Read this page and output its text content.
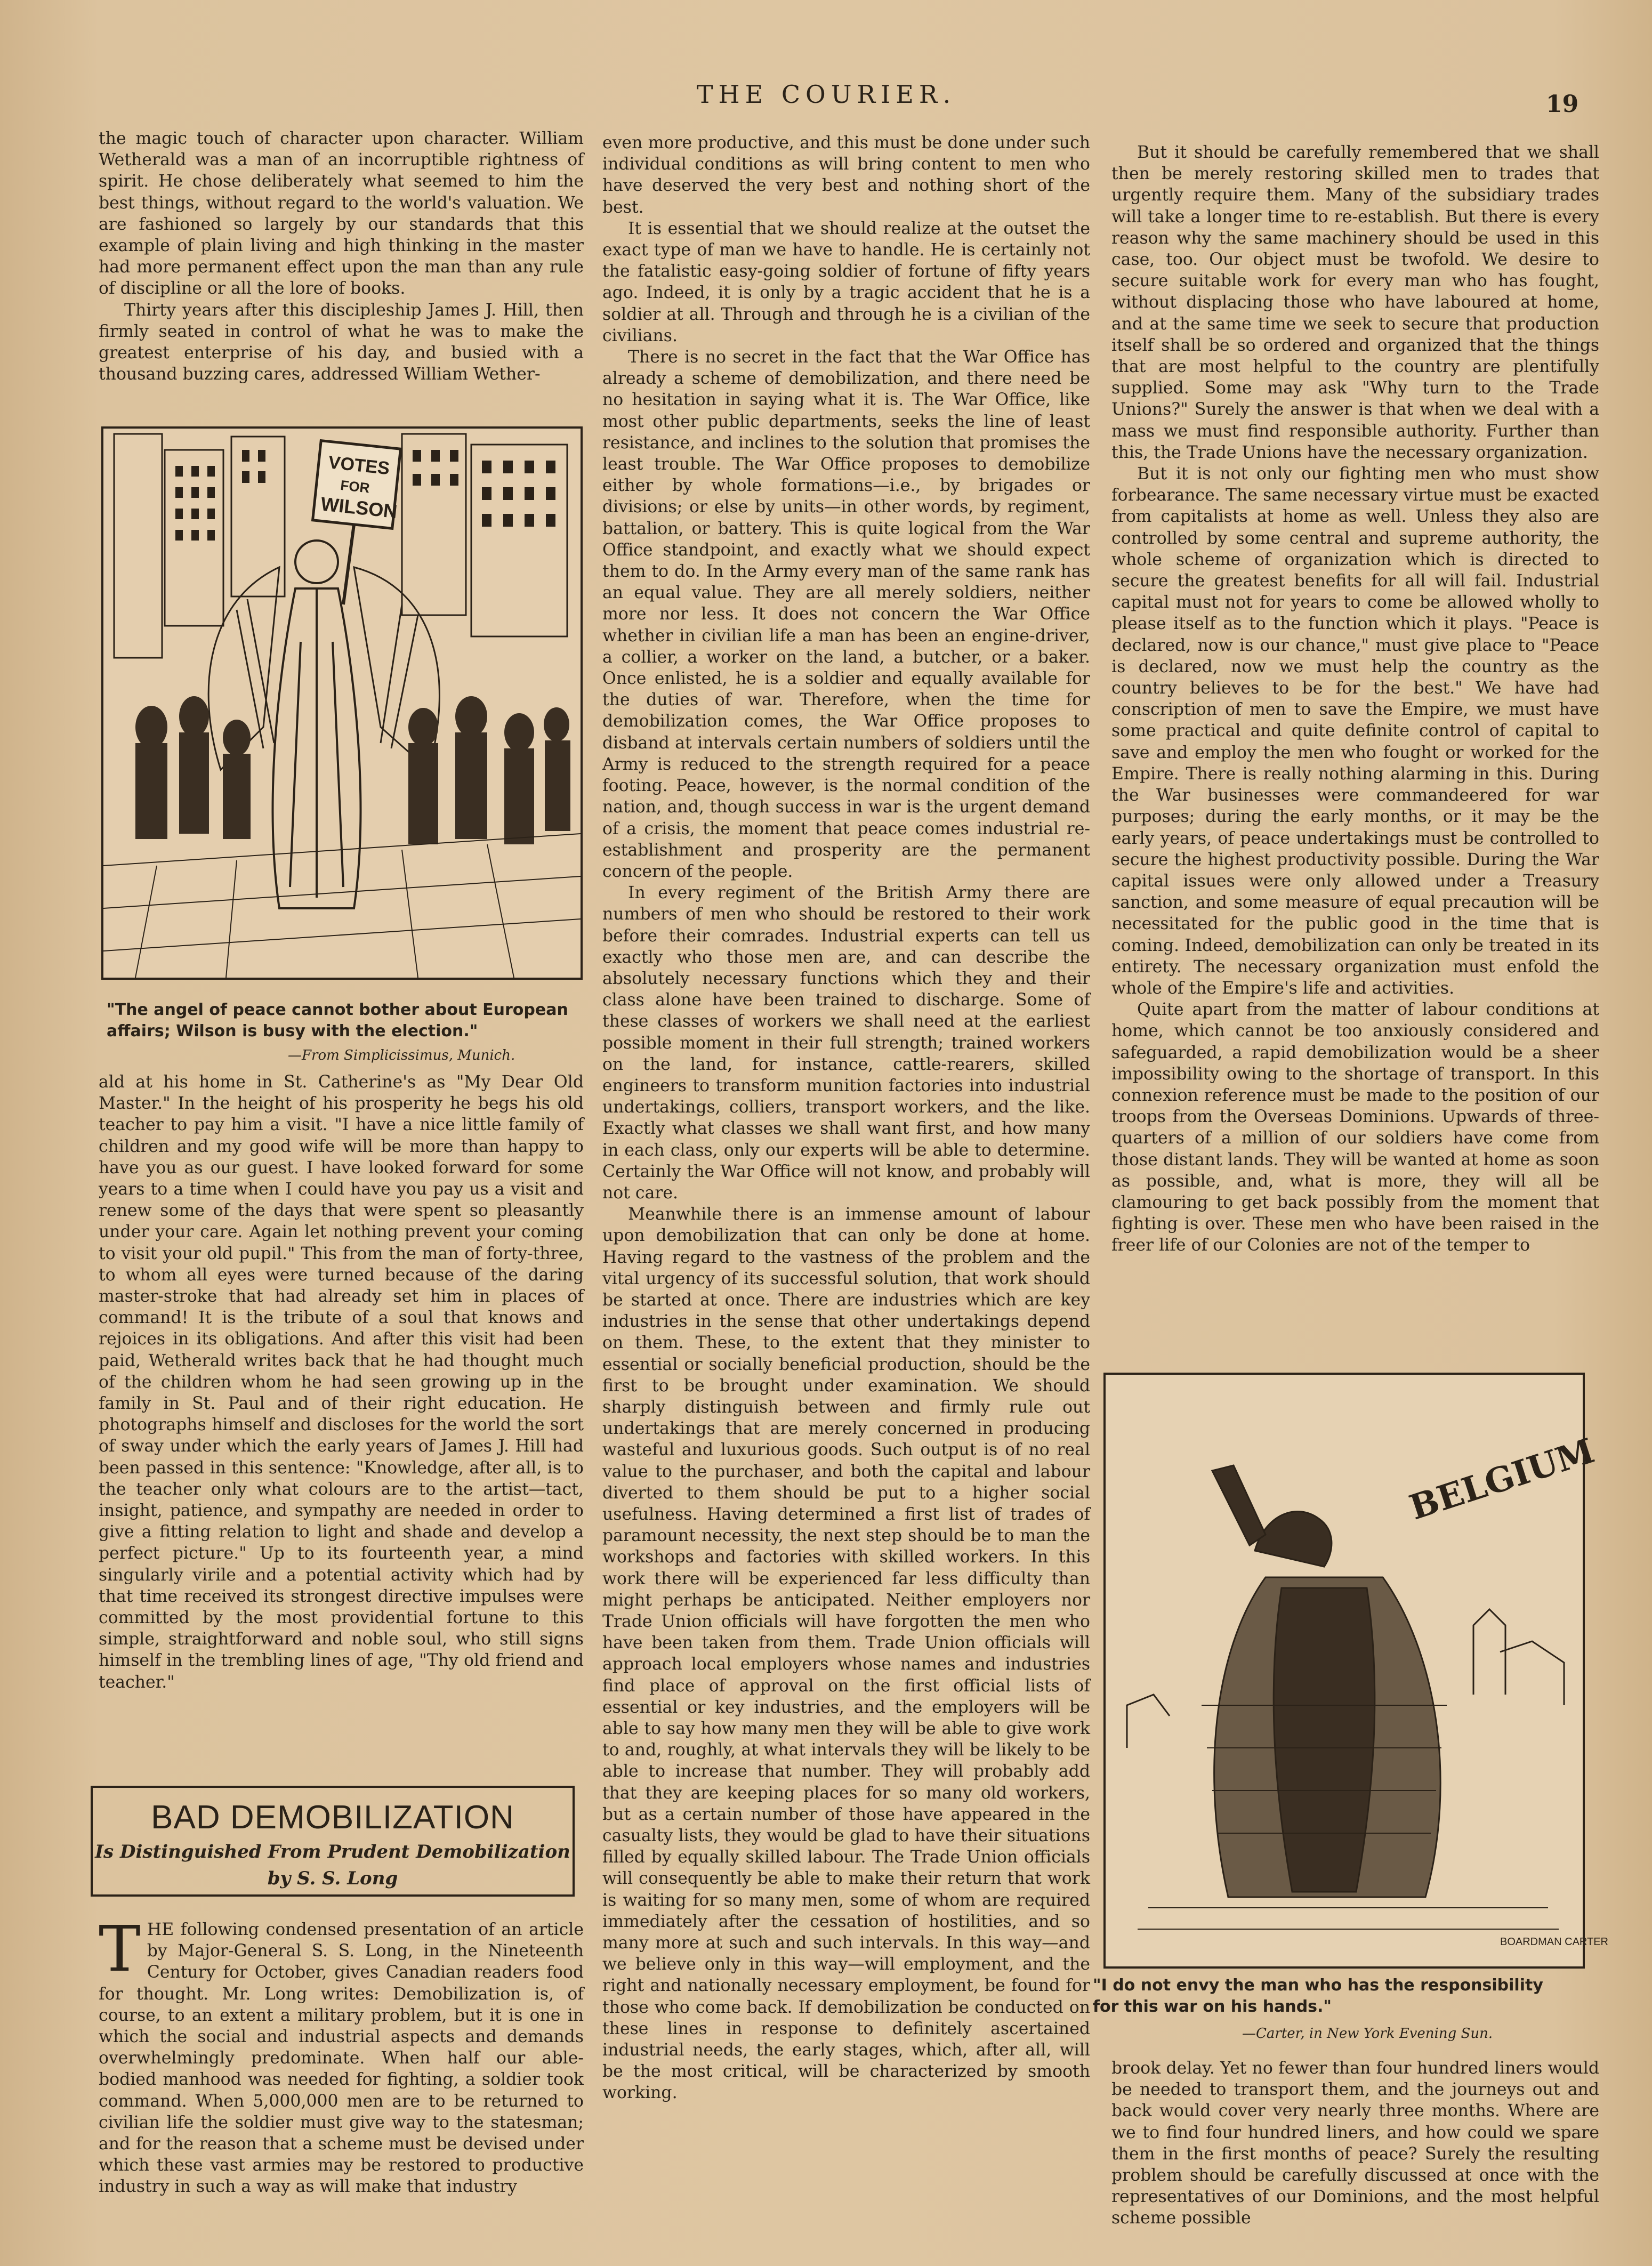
THE COURIER.	19

the magic touch of character upon character. William Wetherald was a man of an incorruptible rightness of spirit. He chose deliberately what seemed to him the best things, without regard to the world's valuation. We are fashioned so largely by our standards that this example of plain living and high thinking in the master had more permanent effect upon the man than any rule of discipline or all the lore of books.

Thirty years after this discipleship James J. Hill, then firmly seated in control of what he was to make the greatest enterprise of his day, and busied with a thousand buzzing cares, addressed William Wether-

VOTES
FOR
WILSON
"The angel of peace cannot bother about European affairs; Wilson is busy with the election."
—From Simplicissimus, Munich.

ald at his home in St. Catherine's as "My Dear Old Master." In the height of his prosperity he begs his old teacher to pay him a visit. "I have a nice little family of children and my good wife will be more than happy to have you as our guest. I have looked forward for some years to a time when I could have you pay us a visit and renew some of the days that were spent so pleasantly under your care. Again let nothing prevent your coming to visit your old pupil." This from the man of forty-three, to whom all eyes were turned because of the daring master-stroke that had already set him in places of command! It is the tribute of a soul that knows and rejoices in its obligations. And after this visit had been paid, Wetherald writes back that he had thought much of the children whom he had seen growing up in the family in St. Paul and of their right education. He photographs himself and discloses for the world the sort of sway under which the early years of James J. Hill had been passed in this sentence: "Knowledge, after all, is to the teacher only what colours are to the artist—tact, insight, patience, and sympathy are needed in order to give a fitting relation to light and shade and develop a perfect picture." Up to its fourteenth year, a mind singularly virile and a potential activity which had by that time received its strongest directive impulses were committed by the most providential fortune to this simple, straightforward and noble soul, who still signs himself in the trembling lines of age, "Thy old friend and teacher."

BAD DEMOBILIZATION
Is Distinguished From Prudent Demobilization
by S. S. Long

THE following condensed presentation of an article by Major-General S. S. Long, in the Nineteenth Century for October, gives Canadian readers food for thought. Mr. Long writes: Demobilization is, of course, to an extent a military problem, but it is one in which the social and industrial aspects and demands overwhelmingly predominate. When half our able-bodied manhood was needed for fighting, a soldier took command. When 5,000,000 men are to be returned to civilian life the soldier must give way to the statesman; and for the reason that a scheme must be devised under which these vast armies may be restored to productive industry in such a way as will make that industry

even more productive, and this must be done under such individual conditions as will bring content to men who have deserved the very best and nothing short of the best.

It is essential that we should realize at the outset the exact type of man we have to handle. He is certainly not the fatalistic easy-going soldier of fortune of fifty years ago. Indeed, it is only by a tragic accident that he is a soldier at all. Through and through he is a civilian of the civilians.

There is no secret in the fact that the War Office has already a scheme of demobilization, and there need be no hesitation in saying what it is. The War Office, like most other public departments, seeks the line of least resistance, and inclines to the solution that promises the least trouble. The War Office proposes to demobilize either by whole formations—i.e., by brigades or divisions; or else by units—in other words, by regiment, battalion, or battery. This is quite logical from the War Office standpoint, and exactly what we should expect them to do. In the Army every man of the same rank has an equal value. They are all merely soldiers, neither more nor less. It does not concern the War Office whether in civilian life a man has been an engine-driver, a collier, a worker on the land, a butcher, or a baker. Once enlisted, he is a soldier and equally available for the duties of war. Therefore, when the time for demobilization comes, the War Office proposes to disband at intervals certain numbers of soldiers until the Army is reduced to the strength required for a peace footing. Peace, however, is the normal condition of the nation, and, though success in war is the urgent demand of a crisis, the moment that peace comes industrial re-establishment and prosperity are the permanent concern of the people.

In every regiment of the British Army there are numbers of men who should be restored to their work before their comrades. Industrial experts can tell us exactly who those men are, and can describe the absolutely necessary functions which they and their class alone have been trained to discharge. Some of these classes of workers we shall need at the earliest possible moment in their full strength; trained workers on the land, for instance, cattle-rearers, skilled engineers to transform munition factories into industrial undertakings, colliers, transport workers, and the like. Exactly what classes we shall want first, and how many in each class, only our experts will be able to determine. Certainly the War Office will not know, and probably will not care.

Meanwhile there is an immense amount of labour upon demobilization that can only be done at home. Having regard to the vastness of the problem and the vital urgency of its successful solution, that work should be started at once. There are industries which are key industries in the sense that other undertakings depend on them. These, to the extent that they minister to essential or socially beneficial production, should be the first to be brought under examination. We should sharply distinguish between and firmly rule out undertakings that are merely concerned in producing wasteful and luxurious goods. Such output is of no real value to the purchaser, and both the capital and labour diverted to them should be put to a higher social usefulness. Having determined a first list of trades of paramount necessity, the next step should be to man the workshops and factories with skilled workers. In this work there will be experienced far less difficulty than might perhaps be anticipated. Neither employers nor Trade Union officials will have forgotten the men who have been taken from them. Trade Union officials will approach local employers whose names and industries find place of approval on the first official lists of essential or key industries, and the employers will be able to say how many men they will be able to give work to and, roughly, at what intervals they will be likely to be able to increase that number. They will probably add that they are keeping places for so many old workers, but as a certain number of those have appeared in the casualty lists, they would be glad to have their situations filled by equally skilled labour. The Trade Union officials will consequently be able to make their return that work is waiting for so many men, some of whom are required immediately after the cessation of hostilities, and so many more at such and such intervals. In this way—and we believe only in this way—will employment, and the right and nationally necessary employment, be found for those who come back. If demobilization be conducted on these lines in response to definitely ascertained industrial needs, the early stages, which, after all, will be the most critical, will be characterized by smooth working.

But it should be carefully remembered that we shall then be merely restoring skilled men to trades that urgently require them. Many of the subsidiary trades will take a longer time to re-establish. But there is every reason why the same machinery should be used in this case, too. Our object must be twofold. We desire to secure suitable work for every man who has fought, without displacing those who have laboured at home, and at the same time we seek to secure that production itself shall be so ordered and organized that the things that are most helpful to the country are plentifully supplied. Some may ask "Why turn to the Trade Unions?" Surely the answer is that when we deal with a mass we must find responsible authority. Further than this, the Trade Unions have the necessary organization.

But it is not only our fighting men who must show forbearance. The same necessary virtue must be exacted from capitalists at home as well. Unless they also are controlled by some central and supreme authority, the whole scheme of organization which is directed to secure the greatest benefits for all will fail. Industrial capital must not for years to come be allowed wholly to please itself as to the function which it plays. "Peace is declared, now is our chance," must give place to "Peace is declared, now we must help the country as the country believes to be for the best." We have had conscription of men to save the Empire, we must have some practical and quite definite control of capital to save and employ the men who fought or worked for the Empire. There is really nothing alarming in this. During the War businesses were commandeered for war purposes; during the early months, or it may be the early years, of peace undertakings must be controlled to secure the highest productivity possible. During the War capital issues were only allowed under a Treasury sanction, and some measure of equal precaution will be necessitated for the public good in the time that is coming. Indeed, demobilization can only be treated in its entirety. The necessary organization must enfold the whole of the Empire's life and activities.

Quite apart from the matter of labour conditions at home, which cannot be too anxiously considered and safeguarded, a rapid demobilization would be a sheer impossibility owing to the shortage of transport. In this connexion reference must be made to the position of our troops from the Overseas Dominions. Upwards of three-quarters of a million of our soldiers have come from those distant lands. They will be wanted at home as soon as possible, and, what is more, they will all be clamouring to get back possibly from the moment that fighting is over. These men who have been raised in the freer life of our Colonies are not of the temper to

BELGIUM
BOARDMAN CARTER
"I do not envy the man who has the responsibility for this war on his hands."
—Carter, in New York Evening Sun.

brook delay. Yet no fewer than four hundred liners would be needed to transport them, and the journeys out and back would cover very nearly three months. Where are we to find four hundred liners, and how could we spare them in the first months of peace? Surely the resulting problem should be carefully discussed at once with the representatives of our Dominions, and the most helpful scheme possible
